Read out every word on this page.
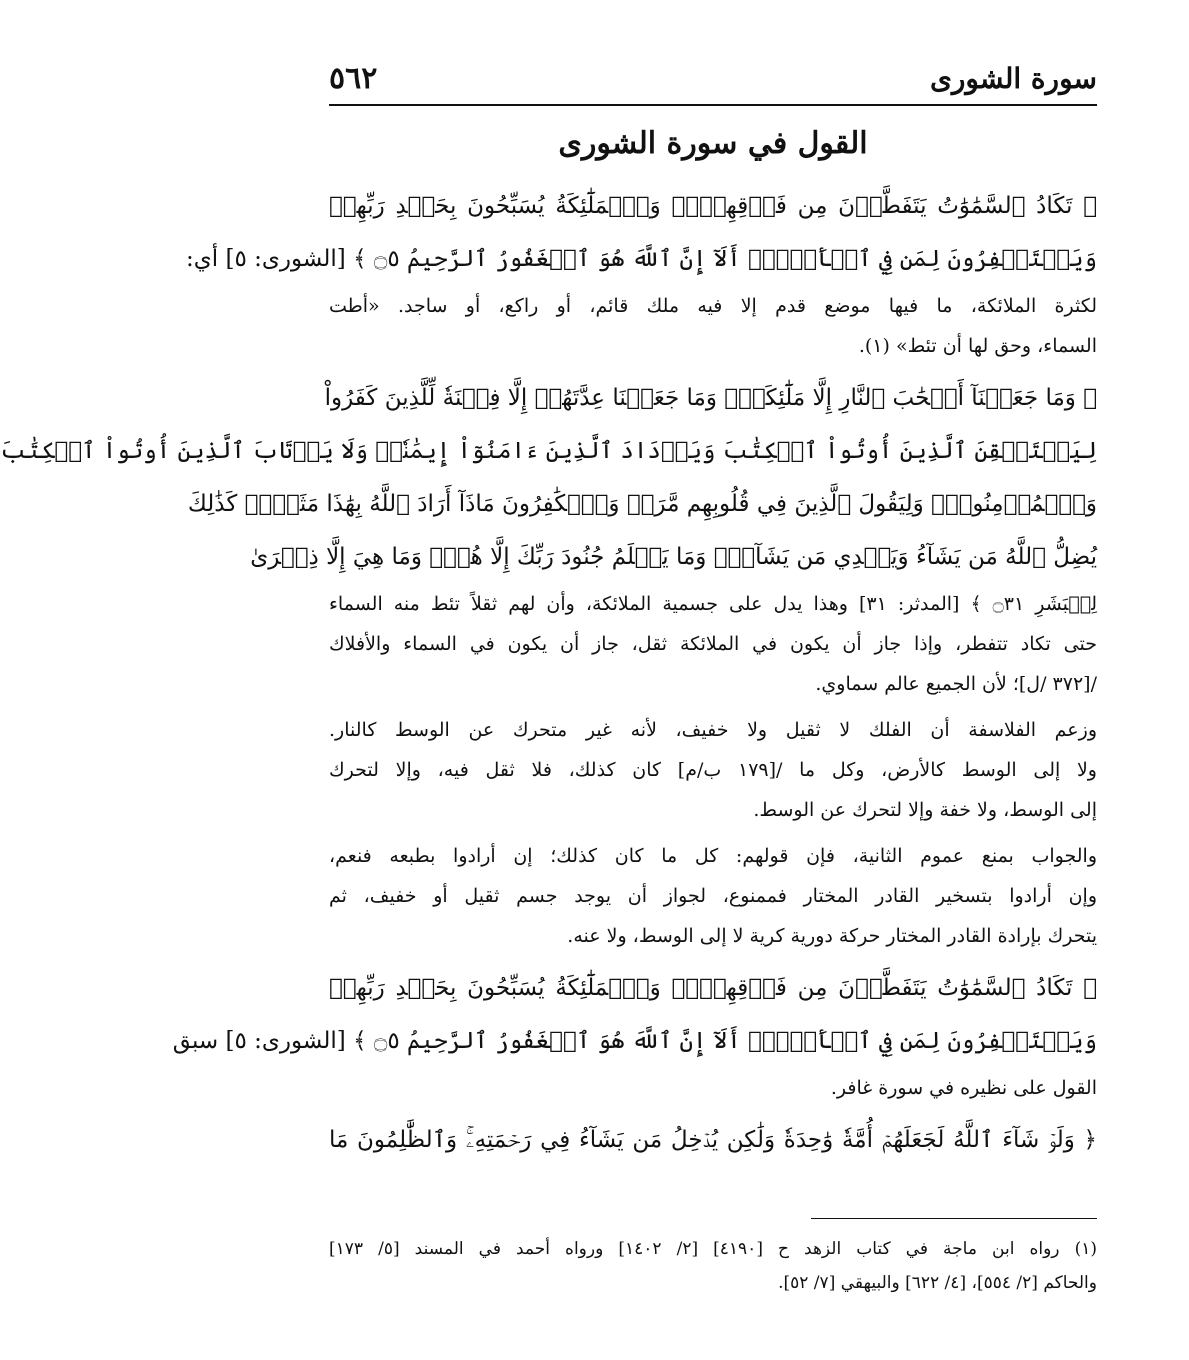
سورة الشورى
٥٦٢
القول في سورة الشورى
﴿ تَكَادُ ٱلسَّمَٰوَٰتُ يَتَفَطَّرۡنَ مِن فَوۡقِهِنَّۚ وَٱلۡمَلَٰٓئِكَةُ يُسَبِّحُونَ بِحَمۡدِ رَبِّهِمۡ
وَيَسۡتَغۡفِرُونَ لِمَن فِي ٱلۡأَرۡضِۗ أَلَآ إِنَّ ٱللَّهَ هُوَ ٱلۡغَفُورُ ٱلرَّحِيمُ ۝٥ ﴾ [الشورى: ٥] أي:
لكثرة الملائكة، ما فيها موضع قدم إلا فيه ملك قائم، أو راكع، أو ساجد. «أطت
السماء، وحق لها أن تئط» (١).
﴿ وَمَا جَعَلۡنَآ أَصۡحَٰبَ ٱلنَّارِ إِلَّا مَلَٰٓئِكَةٗۙ وَمَا جَعَلۡنَا عِدَّتَهُمۡ إِلَّا فِتۡنَةٗ لِّلَّذِينَ كَفَرُواْ
لِيَسۡتَيۡقِنَ ٱلَّذِينَ أُوتُواْ ٱلۡكِتَٰبَ وَيَزۡدَادَ ٱلَّذِينَ ءَامَنُوٓاْ إِيمَٰنٗاۙ وَلَا يَرۡتَابَ ٱلَّذِينَ أُوتُواْ ٱلۡكِتَٰبَ
وَٱلۡمُؤۡمِنُونَۙ وَلِيَقُولَ ٱلَّذِينَ فِي قُلُوبِهِم مَّرَضٞ وَٱلۡكَٰفِرُونَ مَاذَآ أَرَادَ ٱللَّهُ بِهَٰذَا مَثَلٗاۚ كَذَٰلِكَ
يُضِلُّ ٱللَّهُ مَن يَشَآءُ وَيَهۡدِي مَن يَشَآءُۚ وَمَا يَعۡلَمُ جُنُودَ رَبِّكَ إِلَّا هُوَۚ وَمَا هِيَ إِلَّا ذِكۡرَىٰ
لِلۡبَشَرِ ۝٣١ ﴾ [المدثر: ٣١] وهذا يدل على جسمية الملائكة، وأن لهم ثقلاً تئط منه السماء
حتى تكاد تتفطر، وإذا جاز أن يكون في الملائكة ثقل، جاز أن يكون في السماء والأفلاك
/[٣٧٢ /ل]؛ لأن الجميع عالم سماوي.
وزعم الفلاسفة أن الفلك لا ثقيل ولا خفيف، لأنه غير متحرك عن الوسط كالنار.
ولا إلى الوسط كالأرض، وكل ما /[١٧٩ ب/م] كان كذلك، فلا ثقل فيه، وإلا لتحرك
إلى الوسط، ولا خفة وإلا لتحرك عن الوسط.
والجواب بمنع عموم الثانية، فإن قولهم: كل ما كان كذلك؛ إن أرادوا بطبعه فنعم،
وإن أرادوا بتسخير القادر المختار فممنوع، لجواز أن يوجد جسم ثقيل أو خفيف، ثم
يتحرك بإرادة القادر المختار حركة دورية كرية لا إلى الوسط، ولا عنه.
﴿ تَكَادُ ٱلسَّمَٰوَٰتُ يَتَفَطَّرۡنَ مِن فَوۡقِهِنَّۚ وَٱلۡمَلَٰٓئِكَةُ يُسَبِّحُونَ بِحَمۡدِ رَبِّهِمۡ
وَيَسۡتَغۡفِرُونَ لِمَن فِي ٱلۡأَرۡضِۗ أَلَآ إِنَّ ٱللَّهَ هُوَ ٱلۡغَفُورُ ٱلرَّحِيمُ ۝٥ ﴾ [الشورى: ٥] سبق
القول على نظيره في سورة غافر.
﴿ وَلَوۡ شَآءَ ٱللَّهُ لَجَعَلَهُمۡ أُمَّةٗ وَٰحِدَةٗ وَلَٰكِن يُدۡخِلُ مَن يَشَآءُ فِي رَحۡمَتِهِۦۚ وَٱلظَّٰلِمُونَ مَا
(١) رواه ابن ماجة في كتاب الزهد ح [٤١٩٠] [٢/ ١٤٠٢] ورواه أحمد في المسند [٥/ ١٧٣]
والحاكم [٢/ ٥٥٤]، [٤/ ٦٢٢] والبيهقي [٧/ ٥٢].
